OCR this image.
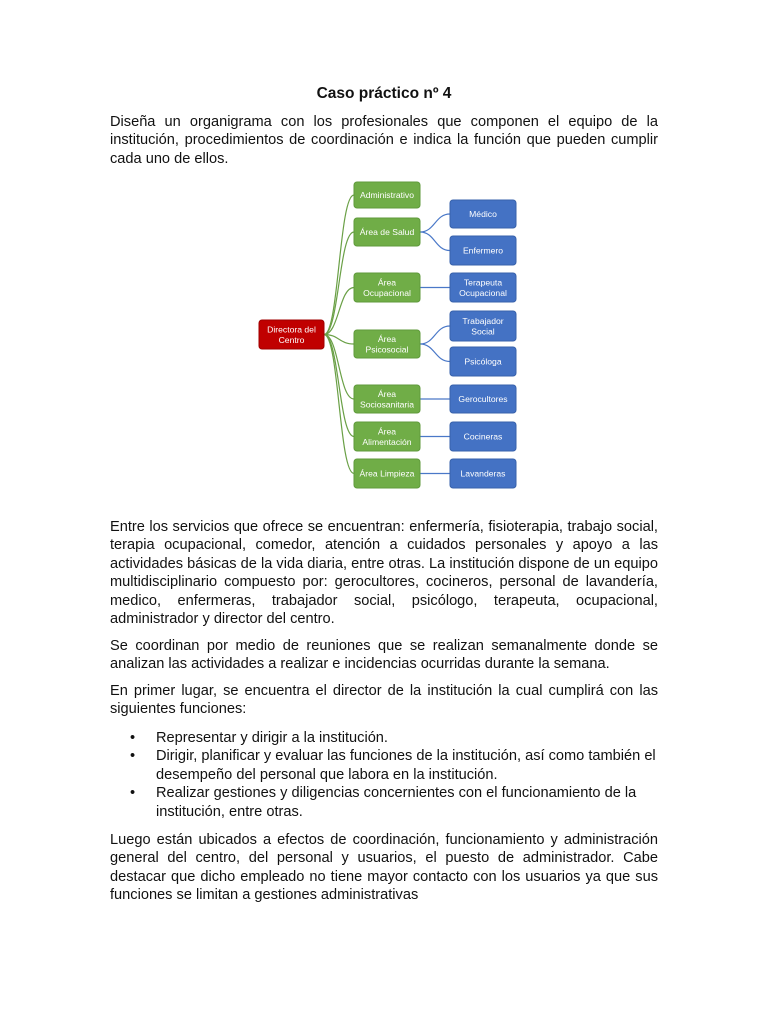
Caso práctico nº 4
Diseña un organigrama con los profesionales que componen el equipo de la institución, procedimientos de coordinación e indica la función que pueden cumplir cada uno de ellos.
Directora del
Centro
Administrativo
Área de Salud
Médico
Enfermero
Área
Ocupacional
Terapeuta
Ocupacional
Área
Psicosocial
Trabajador
Social
Psicóloga
Área
Sociosanitaria
Gerocultores
Área
Alimentación
Cocineras
Área Limpieza	Lavanderas
Entre los servicios que ofrece se encuentran: enfermería, fisioterapia, trabajo social, terapia ocupacional, comedor, atención a cuidados personales y apoyo a las actividades básicas de la vida diaria, entre otras. La institución dispone de un equipo multidisciplinario compuesto por: gerocultores, cocineros, personal de lavandería, medico, enfermeras, trabajador social, psicólogo, terapeuta, ocupacional, administrador y director del centro.
Se coordinan por medio de reuniones que se realizan semanalmente donde se analizan las actividades a realizar e incidencias ocurridas durante la semana.
En primer lugar, se encuentra el director de la institución la cual cumplirá con las siguientes funciones:
• Representar y dirigir a la institución.
• Dirigir, planificar y evaluar las funciones de la institución, así como también el desempeño del personal que labora en la institución.
• Realizar gestiones y diligencias concernientes con el funcionamiento de la institución, entre otras.
Luego están ubicados a efectos de coordinación, funcionamiento y administración general del centro, del personal y usuarios, el puesto de administrador. Cabe destacar que dicho empleado no tiene mayor contacto con los usuarios ya que sus funciones se limitan a gestiones administrativas
